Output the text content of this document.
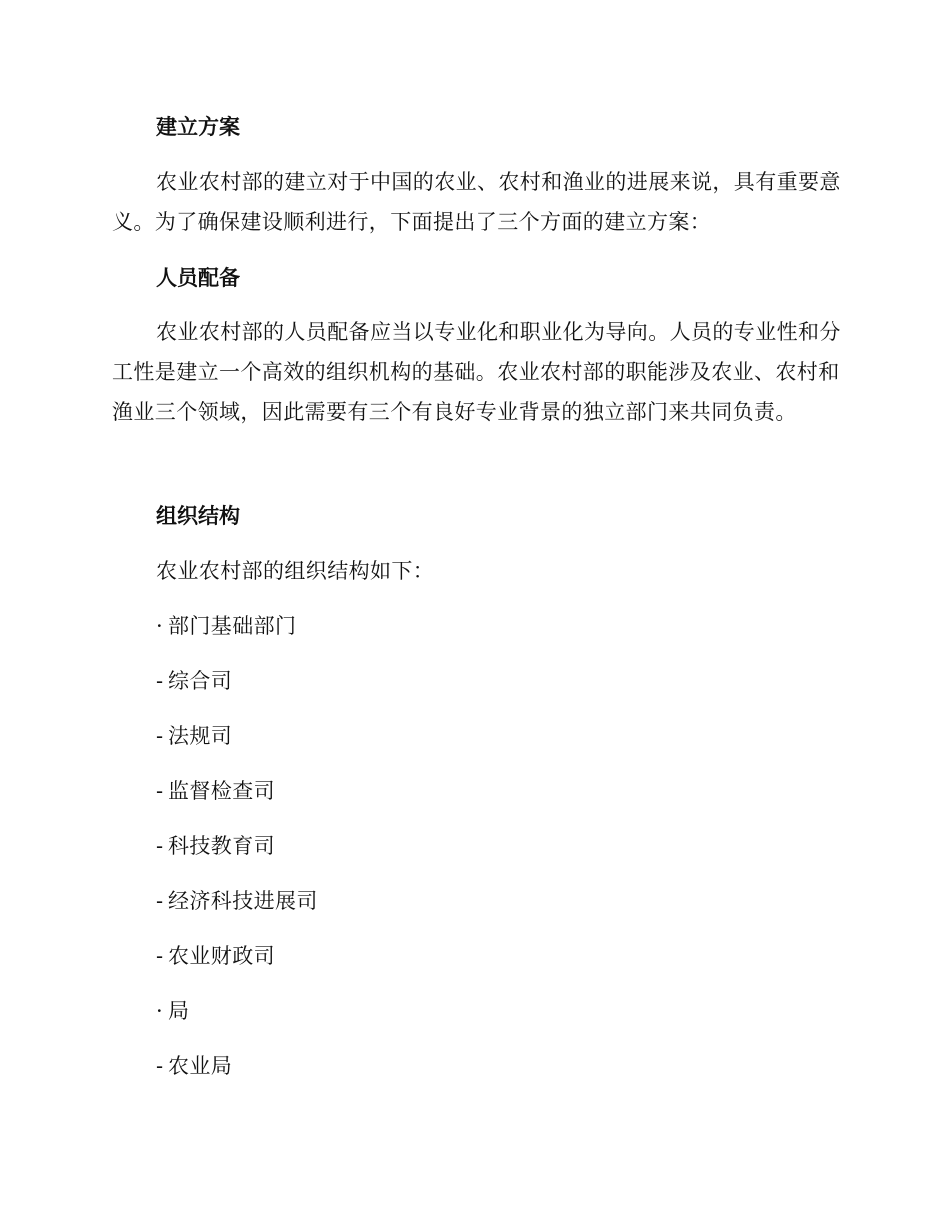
建立方案

农业农村部的建立对于中国的农业、农村和渔业的进展来说，具有重要意义。为了确保建设顺利进行，下面提出了三个方面的建立方案：

人员配备

农业农村部的人员配备应当以专业化和职业化为导向。人员的专业性和分工性是建立一个高效的组织机构的基础。农业农村部的职能涉及农业、农村和渔业三个领域，因此需要有三个有良好专业背景的独立部门来共同负责。

组织结构

农业农村部的组织结构如下：

· 部门基础部门
- 综合司
- 法规司
- 监督检查司
- 科技教育司
- 经济科技进展司
- 农业财政司
· 局
- 农业局
